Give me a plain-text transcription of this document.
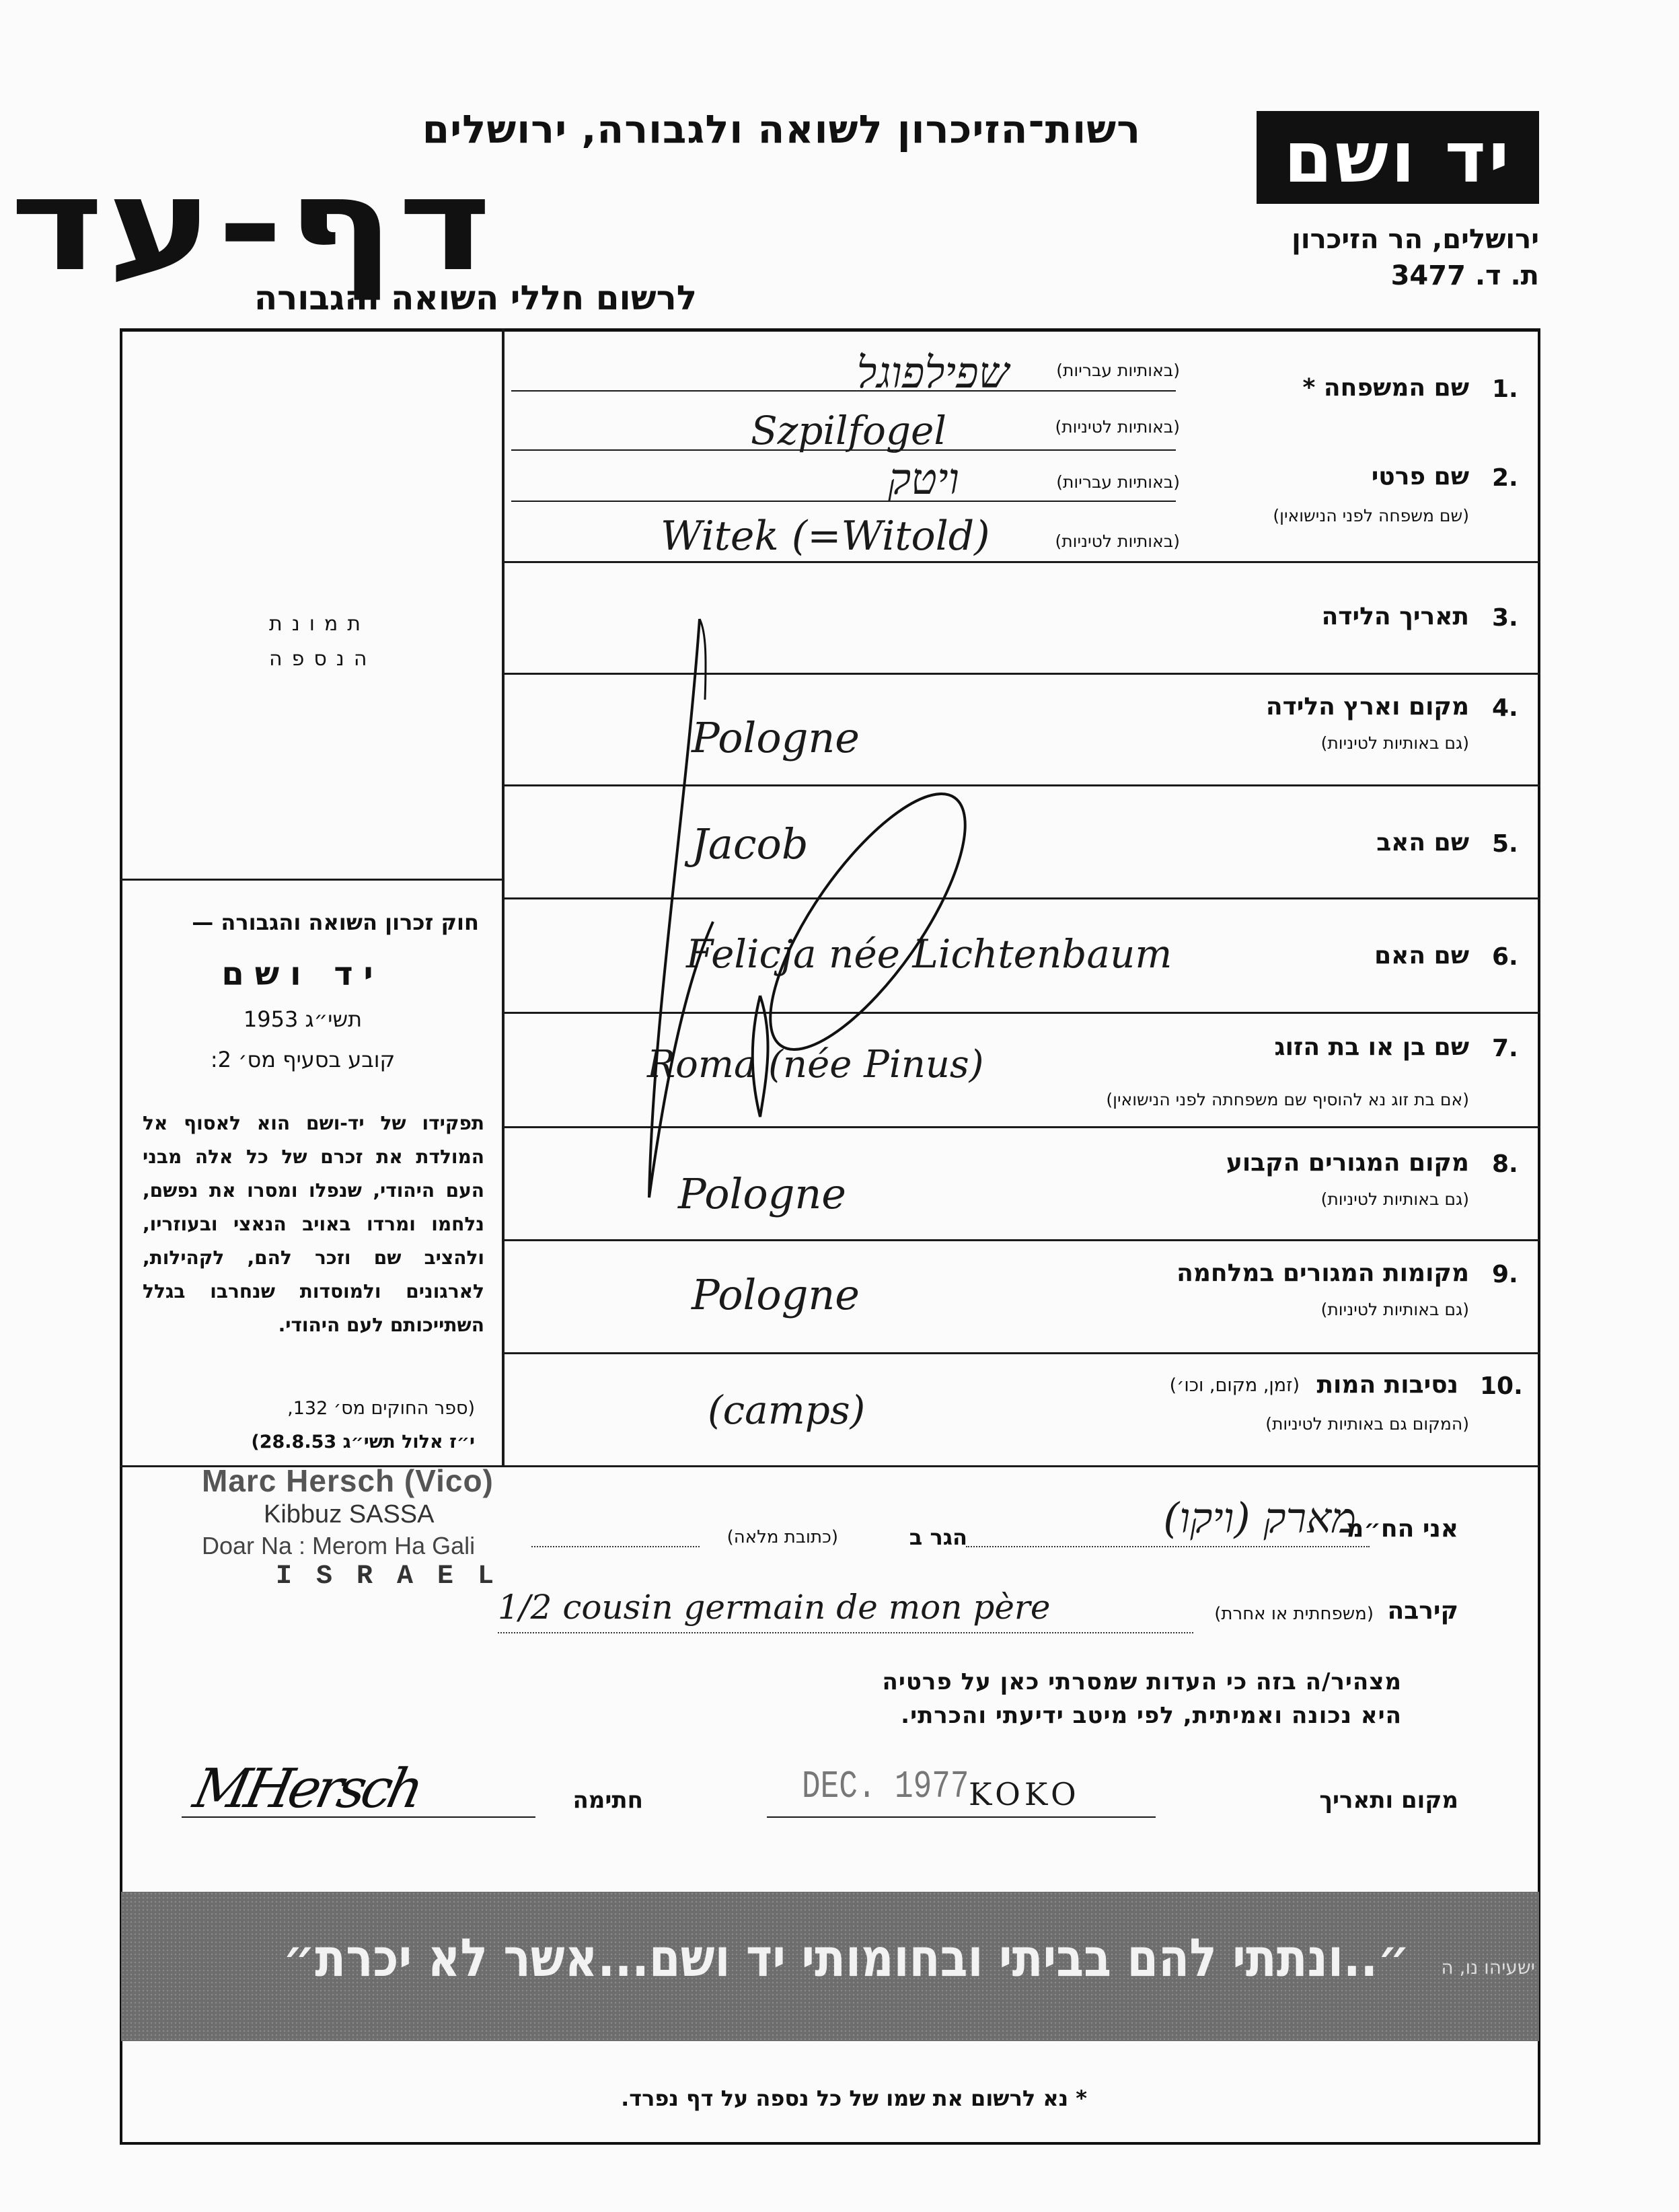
רשות־הזיכרון לשואה ולגבורה, ירושלים
דף-עד
לרשום חללי השואה והגבורה
יד ושם
ירושלים, הר הזיכרון
ת. ד. 3477
תמונת
הנספה
חוק זכרון השואה והגבורה —
יד ושם
תשי״ג 1953
קובע בסעיף מס׳ 2:
תפקידו של יד-ושם הוא לאסוף אל המולדת את זכרם של כל אלה מבני העם היהודי, שנפלו ומסרו את נפשם, נלחמו ומרדו באויב הנאצי ובעוזריו, ולהציב שם וזכר להם, לקהילות, לארגונים ולמוסדות שנחרבו בגלל השתייכותם לעם היהודי.
(ספר החוקים מס׳ 132,
י״ז אלול תשי״ג 28.8.53)
1.
שם המשפחה *
(באותיות עבריות)
שפילפוגל
(באותיות לטיניות)
Szpilfogel
2.
שם פרטי
(שם משפחה לפני הנישואין)
(באותיות עבריות)
ויטק
(באותיות לטיניות)
Witek (=Witold)
3.
תאריך הלידה
4.
מקום וארץ הלידה
(גם באותיות לטיניות)
Pologne
5.
שם האב
Jacob
6.
שם האם
Felicja née Lichtenbaum
7.
שם בן או בת הזוג
(אם בת זוג נא להוסיף שם משפחתה לפני הנישואין)
Roma (née Pinus)
8.
מקום המגורים הקבוע
(גם באותיות לטיניות)
Pologne
9.
מקומות המגורים במלחמה
(גם באותיות לטיניות)
Pologne
10.
נסיבות המות
(זמן, מקום, וכו׳)
(המקום גם באותיות לטיניות)
(camps)
אני הח״מ
מארק (ויקו)
הגר ב
(כתובת מלאה)
Marc Hersch (Vico)
Kibbuz SASSA
Doar Na : Merom Ha Gali
I S R A E L
קירבה
(משפחתית או אחרת)
1/2 cousin germain de mon père
מצהיר/ה בזה כי העדות שמסרתי כאן על פרטיה
היא נכונה ואמיתית, לפי מיטב ידיעתי והכרתי.
מקום ותאריך
DEC. 1977 KOKO
חתימה
MHersch
״..ונתתי להם בביתי ובחומותי יד ושם...אשר לא יכרת״ ישעיהו נו, ה
* נא לרשום את שמו של כל נספה על דף נפרד.
